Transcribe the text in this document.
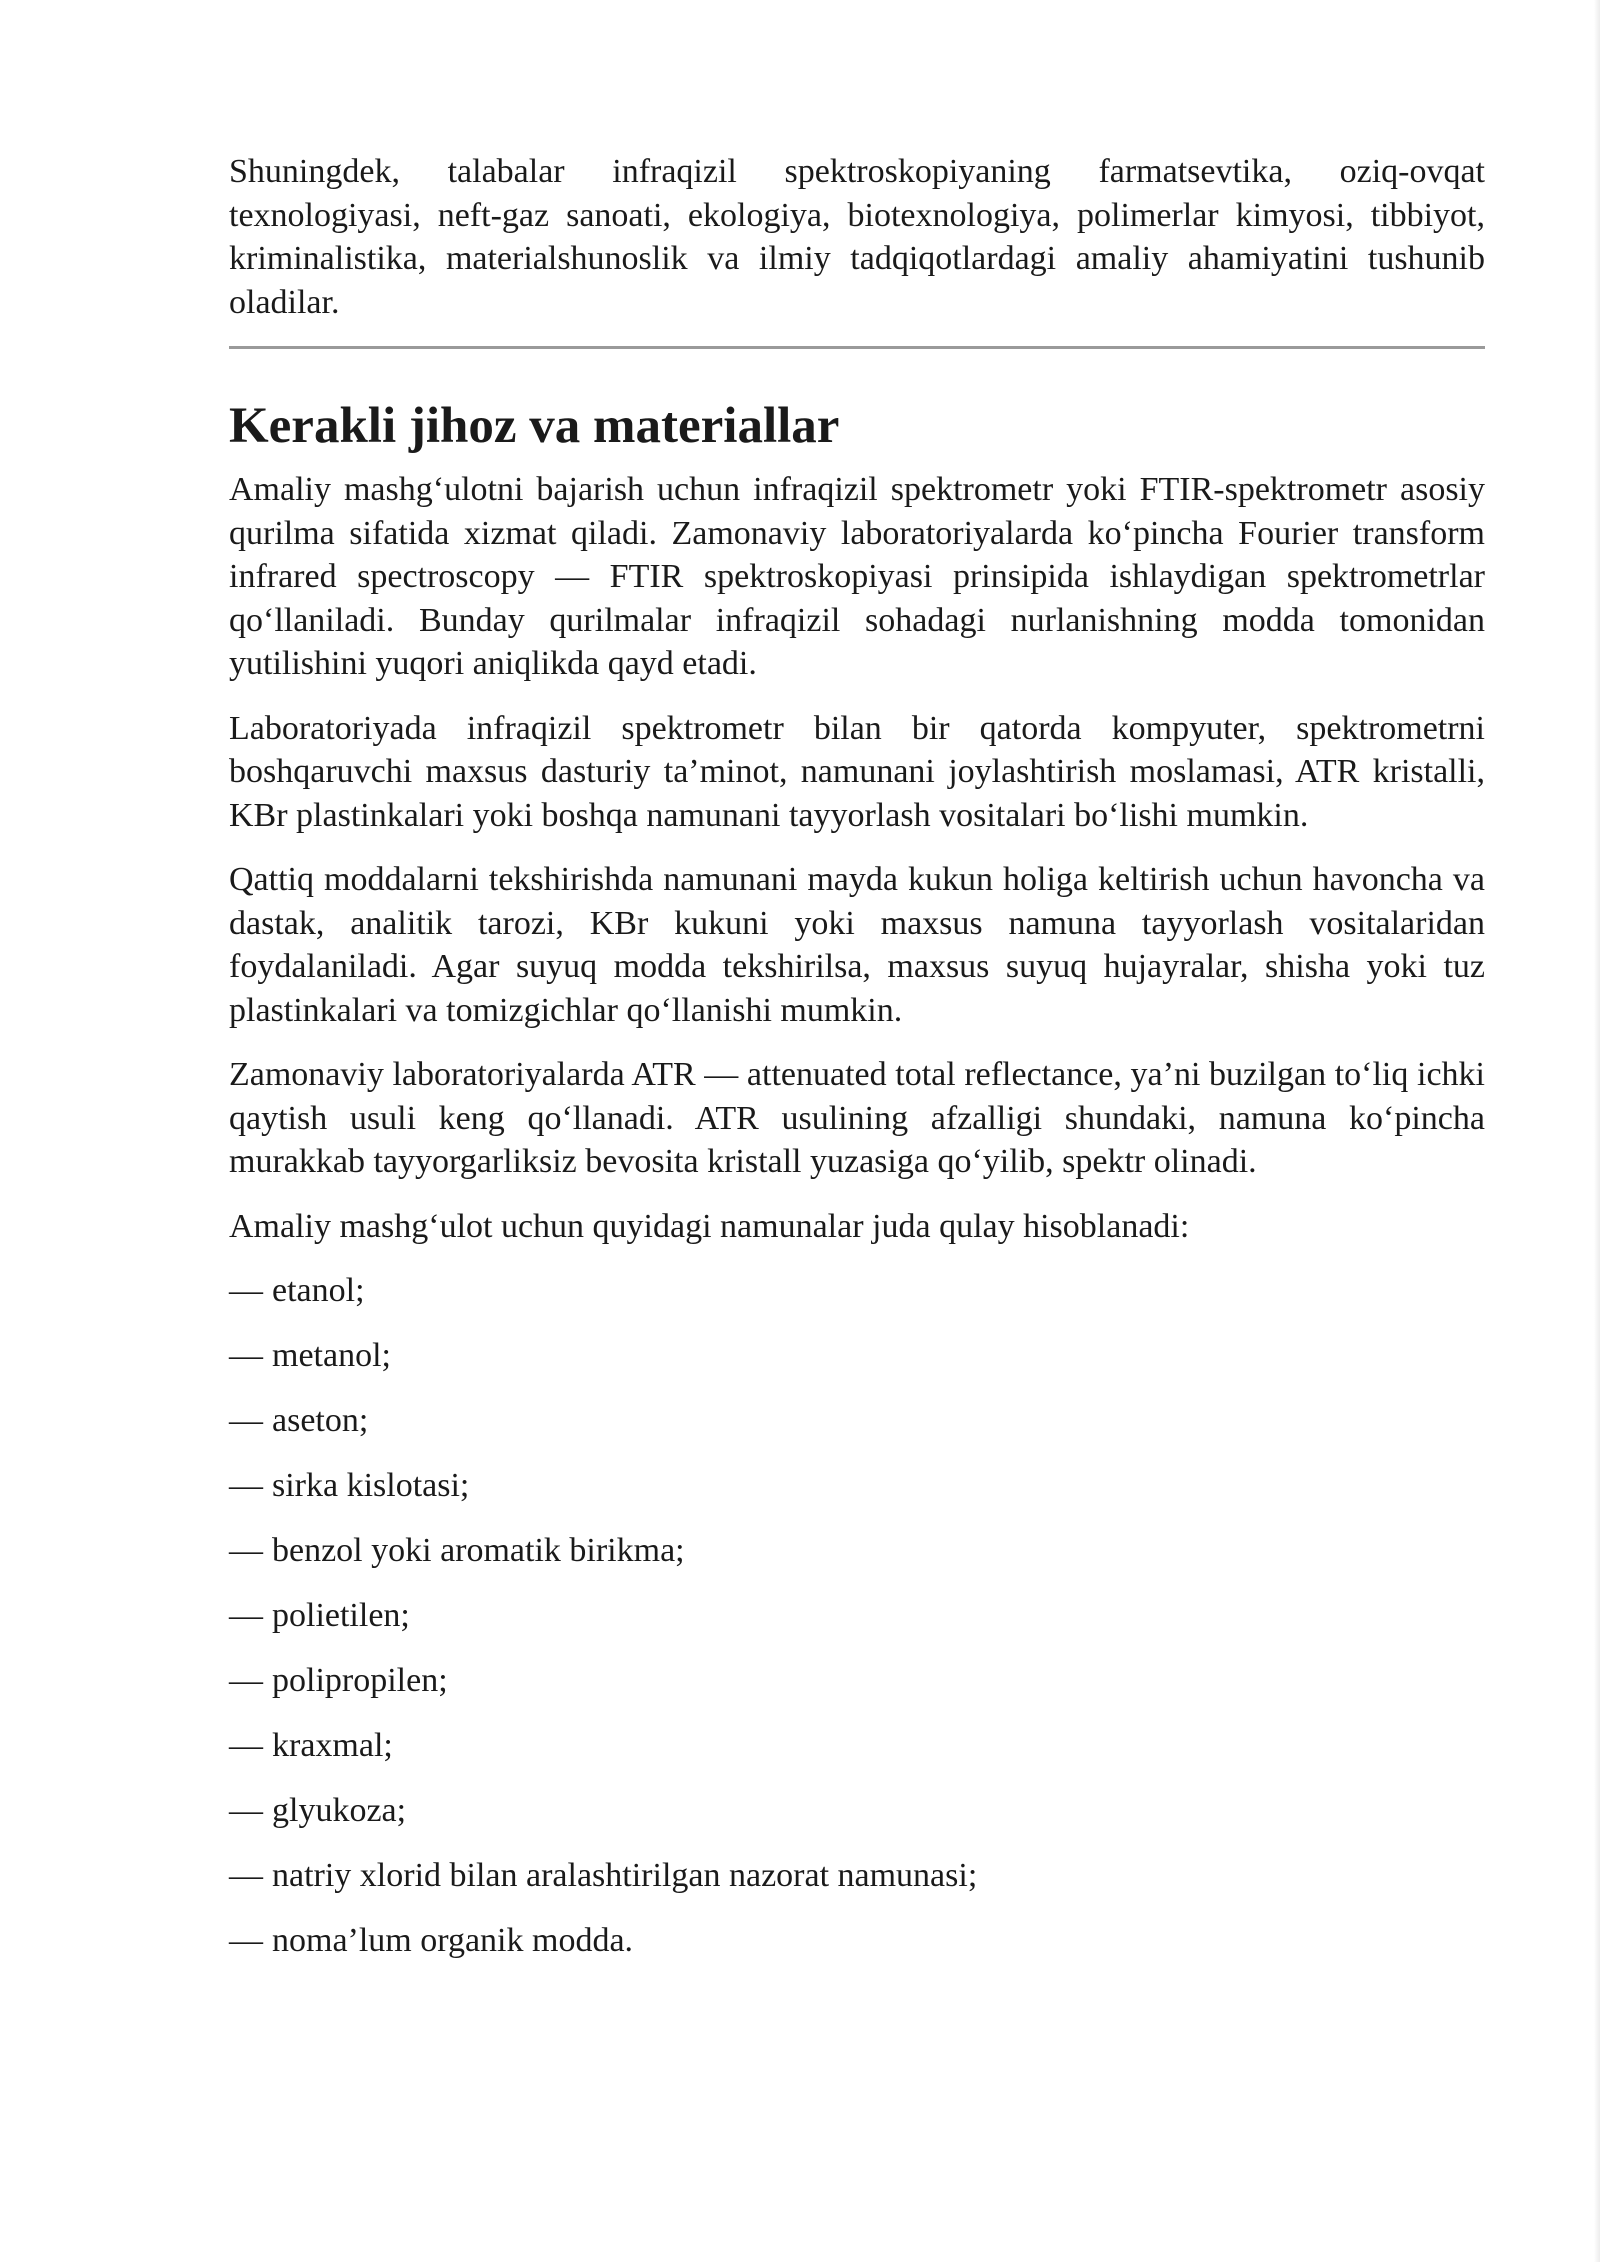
Shuningdek, talabalar infraqizil spektroskopiyaning farmatsevtika, oziq-ovqat texnologiyasi, neft-gaz sanoati, ekologiya, biotexnologiya, polimerlar kimyosi, tibbiyot, kriminalistika, materialshunoslik va ilmiy tadqiqotlardagi amaliy ahamiyatini tushunib oladilar.

Kerakli jihoz va materiallar

Amaliy mashg‘ulotni bajarish uchun infraqizil spektrometr yoki FTIR-spektrometr asosiy qurilma sifatida xizmat qiladi. Zamonaviy laboratoriyalarda ko‘pincha Fourier transform infrared spectroscopy — FTIR spektroskopiyasi prinsipida ishlaydigan spektrometrlar qo‘llaniladi. Bunday qurilmalar infraqizil sohadagi nurlanishning modda tomonidan yutilishini yuqori aniqlikda qayd etadi.

Laboratoriyada infraqizil spektrometr bilan bir qatorda kompyuter, spektrometrni boshqaruvchi maxsus dasturiy ta’minot, namunani joylashtirish moslamasi, ATR kristalli, KBr plastinkalari yoki boshqa namunani tayyorlash vositalari bo‘lishi mumkin.

Qattiq moddalarni tekshirishda namunani mayda kukun holiga keltirish uchun havoncha va dastak, analitik tarozi, KBr kukuni yoki maxsus namuna tayyorlash vositalaridan foydalaniladi. Agar suyuq modda tekshirilsa, maxsus suyuq hujayralar, shisha yoki tuz plastinkalari va tomizgichlar qo‘llanishi mumkin.

Zamonaviy laboratoriyalarda ATR — attenuated total reflectance, ya’ni buzilgan to‘liq ichki qaytish usuli keng qo‘llanadi. ATR usulining afzalligi shundaki, namuna ko‘pincha murakkab tayyorgarliksiz bevosita kristall yuzasiga qo‘yilib, spektr olinadi.

Amaliy mashg‘ulot uchun quyidagi namunalar juda qulay hisoblanadi:

— etanol;
— metanol;
— aseton;
— sirka kislotasi;
— benzol yoki aromatik birikma;
— polietilen;
— polipropilen;
— kraxmal;
— glyukoza;
— natriy xlorid bilan aralashtirilgan nazorat namunasi;
— noma’lum organik modda.
